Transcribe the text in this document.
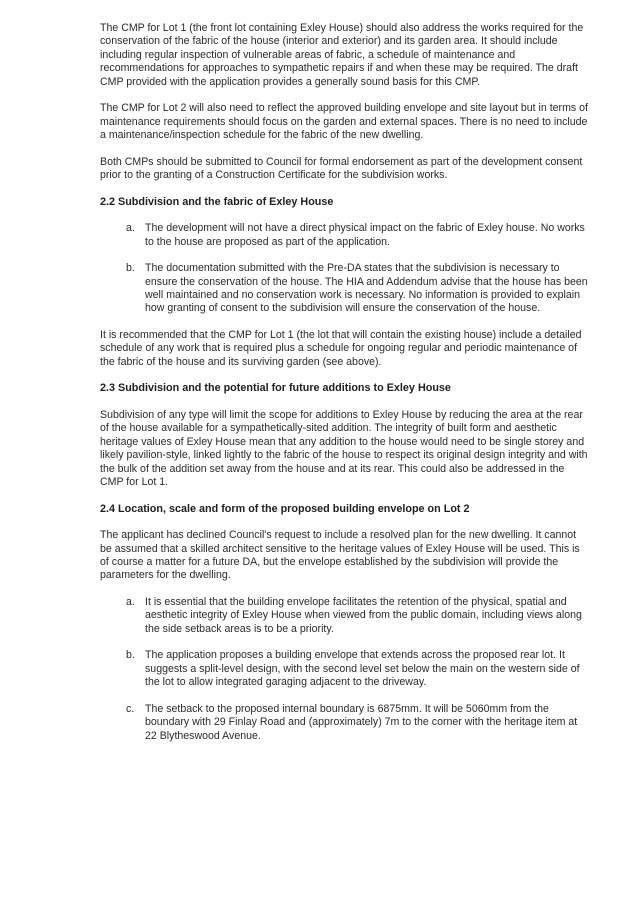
The CMP for Lot 1 (the front lot containing Exley House) should also address the works required for the conservation of the fabric of the house (interior and exterior) and its garden area. It should include including regular inspection of vulnerable areas of fabric, a schedule of maintenance and recommendations for approaches to sympathetic repairs if and when these may be required. The draft CMP provided with the application provides a generally sound basis for this CMP.

The CMP for Lot 2 will also need to reflect the approved building envelope and site layout but in terms of maintenance requirements should focus on the garden and external spaces. There is no need to include a maintenance/inspection schedule for the fabric of the new dwelling.

Both CMPs should be submitted to Council for formal endorsement as part of the development consent prior to the granting of a Construction Certificate for the subdivision works.

2.2 Subdivision and the fabric of Exley House
a. The development will not have a direct physical impact on the fabric of Exley house. No works to the house are proposed as part of the application.
b. The documentation submitted with the Pre-DA states that the subdivision is necessary to ensure the conservation of the house. The HIA and Addendum advise that the house has been well maintained and no conservation work is necessary. No information is provided to explain how granting of consent to the subdivision will ensure the conservation of the house.

It is recommended that the CMP for Lot 1 (the lot that will contain the existing house) include a detailed schedule of any work that is required plus a schedule for ongoing regular and periodic maintenance of the fabric of the house and its surviving garden (see above).

2.3 Subdivision and the potential for future additions to Exley House

Subdivision of any type will limit the scope for additions to Exley House by reducing the area at the rear of the house available for a sympathetically-sited addition. The integrity of built form and aesthetic heritage values of Exley House mean that any addition to the house would need to be single storey and likely pavilion-style, linked lightly to the fabric of the house to respect its original design integrity and with the bulk of the addition set away from the house and at its rear. This could also be addressed in the CMP for Lot 1.

2.4 Location, scale and form of the proposed building envelope on Lot 2

The applicant has declined Council's request to include a resolved plan for the new dwelling. It cannot be assumed that a skilled architect sensitive to the heritage values of Exley House will be used. This is of course a matter for a future DA, but the envelope established by the subdivision will provide the parameters for the dwelling.

a. It is essential that the building envelope facilitates the retention of the physical, spatial and aesthetic integrity of Exley House when viewed from the public domain, including views along the side setback areas is to be a priority.
b. The application proposes a building envelope that extends across the proposed rear lot. It suggests a split-level design, with the second level set below the main on the western side of the lot to allow integrated garaging adjacent to the driveway.
c. The setback to the proposed internal boundary is 6875mm. It will be 5060mm from the boundary with 29 Finlay Road and (approximately) 7m to the corner with the heritage item at 22 Blytheswood Avenue.
